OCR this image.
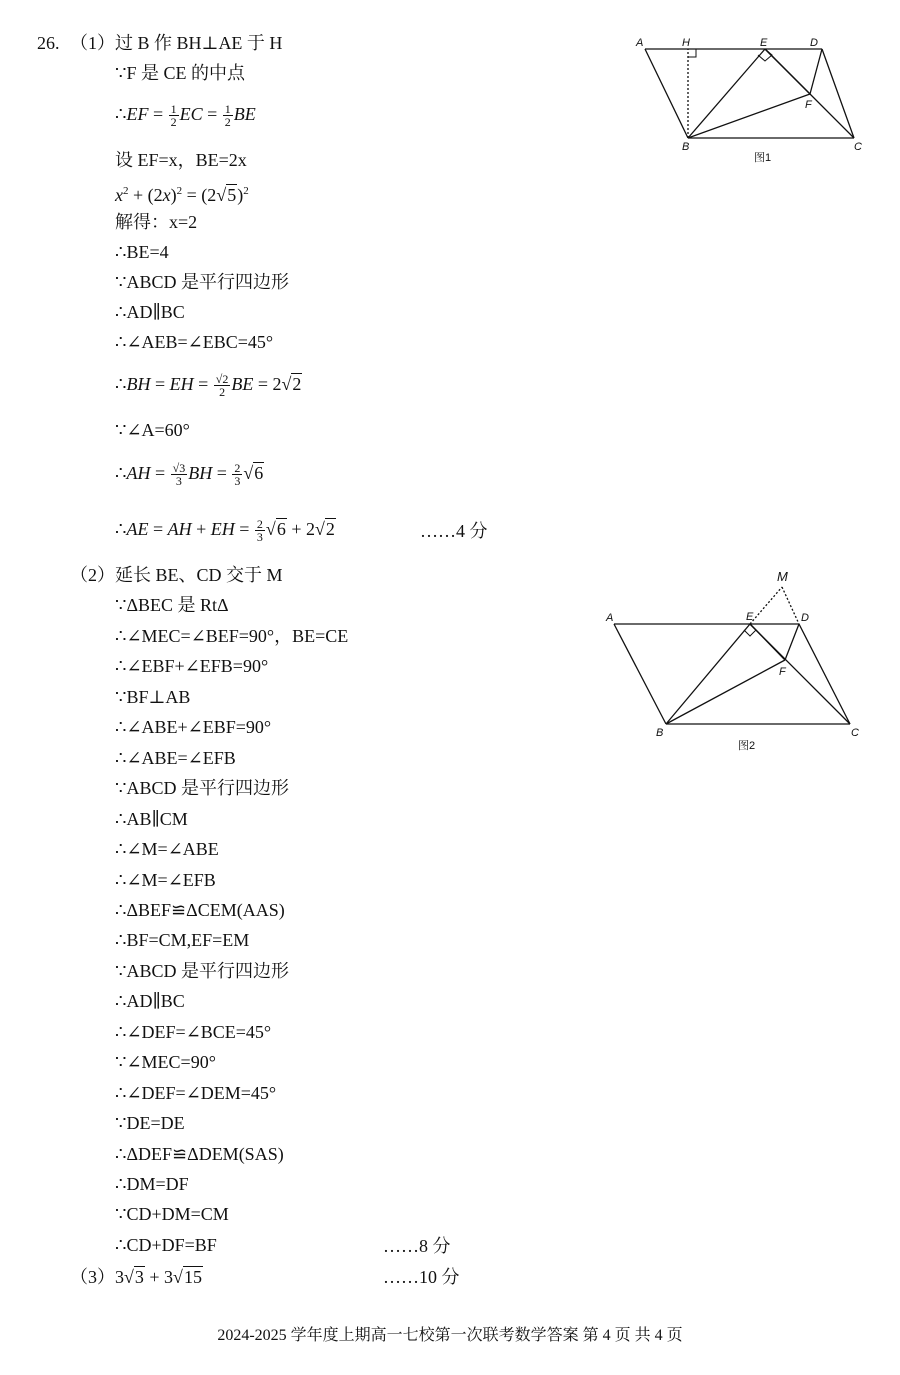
26. （1） 过 B 作 BH⊥AE 于 H
∵F 是 CE 的中点
∴EF = $\frac{1}{2}$ EC = $\frac{1}{2}$ BE
设 EF=x，BE=2x
$x^2 + (2x)^2 = (2√5)^2$
解得：x=2
∴BE=4
∵ABCD 是平行四边形
∴AD∥BC
∴∠AEB=∠EBC=45°
∴BH = EH = $\frac{√2}{2}$ BE = 2√2
∵∠A=60°
∴AH = $\frac{√3}{3}$ BH = $\frac{2}{3} √6$
∴AE = AH + EH = $\frac{2}{3} √6 + 2√2$	……4 分
（2） 延长 BE、CD 交于 M
∵ΔBEC 是 RtΔ
∴∠MEC=∠BEF=90°，BE=CE
∴∠EBF+∠EFB=90°
∵BF⊥AB
∴∠ABE+∠EBF=90°
∴∠ABE=∠EFB
∵ABCD 是平行四边形
∴AB∥CM
∴∠M=∠ABE
∴∠M=∠EFB
∴ΔBEF≌ΔCEM(AAS)
∴BF=CM,EF=EM
∵ABCD 是平行四边形
∴AD∥BC
∴∠DEF=∠BCE=45°
∵∠MEC=90°
∴∠DEF=∠DEM=45°
∵DE=DE
∴ΔDEF≌ΔDEM(SAS)
∴DM=DF
∵CD+DM=CM
∴CD+DF=BF	……8 分
（3） 3√3 + 3√15	……10 分
A	H	E	D
F
B	C
图1
M
A	E	D
F
B	C
图2
2024-2025 学年度上期高一七校第一次联考数学答案 第 4 页 共 4 页
